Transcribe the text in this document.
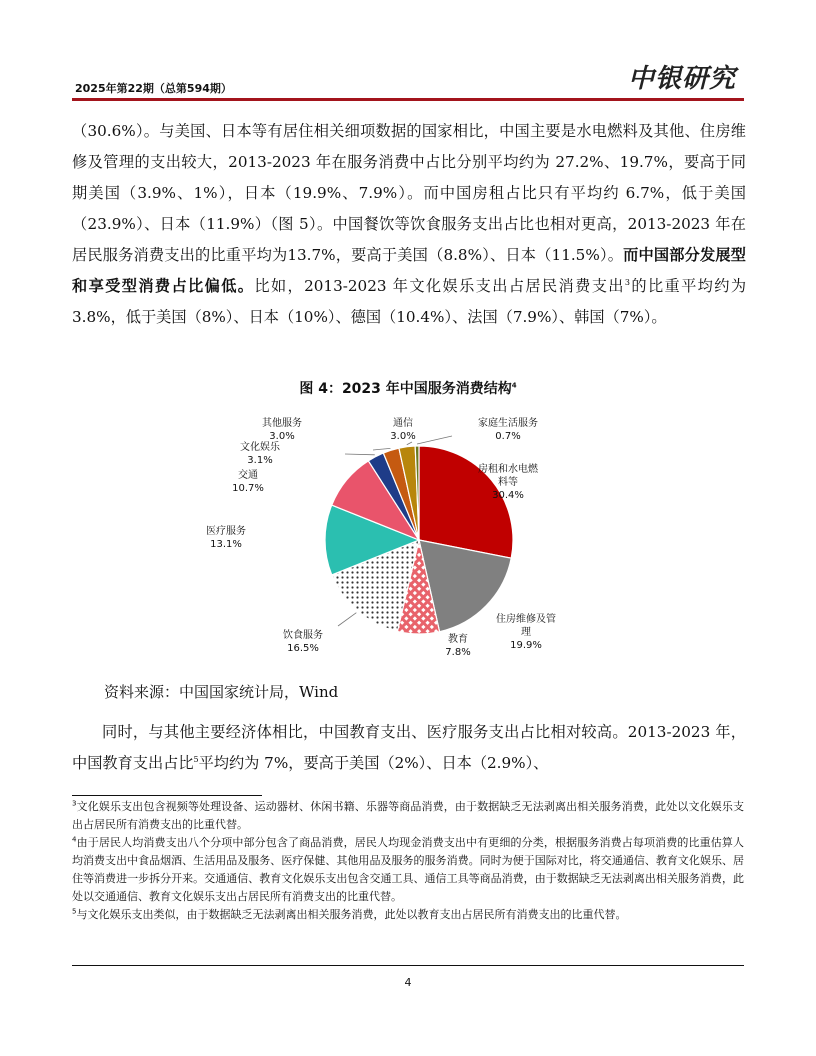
2025年第22期（总第594期）	中银研究
（30.6%）。与美国、日本等有居住相关细项数据的国家相比，中国主要是水电燃料及其他、住房维修及管理的支出较大，2013-2023 年在服务消费中占比分别平均约为 27.2%、19.7%，要高于同期美国（3.9%、1%），日本（19.9%、7.9%）。而中国房租占比只有平均约 6.7%，低于美国（23.9%）、日本（11.9%）（图 5）。中国餐饮等饮食服务支出占比也相对更高，2013-2023 年在居民服务消费支出的比重平均为13.7%，要高于美国（8.8%）、日本（11.5%）。而中国部分发展型和享受型消费占比偏低。比如，2013-2023 年文化娱乐支出占居民消费支出$^3$的比重平均约为 3.8%，低于美国（8%）、日本（10%）、德国（10.4%）、法国（7.9%）、韩国（7%）。
图 4：2023 年中国服务消费结构$^4$
房租和水电燃料等 30.4%
住房维修及管理 19.9%
教育 7.8%
饮食服务 16.5%
医疗服务 13.1%
交通 10.7%
文化娱乐 3.1%
其他服务 3.0%
通信 3.0%
家庭生活服务 0.7%
资料来源：中国国家统计局，Wind
同时，与其他主要经济体相比，中国教育支出、医疗服务支出占比相对较高。2013-2023 年，中国教育支出占比$^5$平均约为 7%，要高于美国（2%）、日本（2.9%）、
$^3$文化娱乐支出包含视频等处理设备、运动器材、休闲书籍、乐器等商品消费，由于数据缺乏无法剥离出相关服务消费，此处以文化娱乐支出占居民所有消费支出的比重代替。
$^4$由于居民人均消费支出八个分项中部分包含了商品消费，居民人均现金消费支出中有更细的分类，根据服务消费占每项消费的比重估算人均消费支出中食品烟酒、生活用品及服务、医疗保健、其他用品及服务的服务消费。同时为便于国际对比，将交通通信、教育文化娱乐、居住等消费进一步拆分开来。交通通信、教育文化娱乐支出包含交通工具、通信工具等商品消费，由于数据缺乏无法剥离出相关服务消费，此处以交通通信、教育文化娱乐支出占居民所有消费支出的比重代替。
$^5$与文化娱乐支出类似，由于数据缺乏无法剥离出相关服务消费，此处以教育支出占居民所有消费支出的比重代替。
4
